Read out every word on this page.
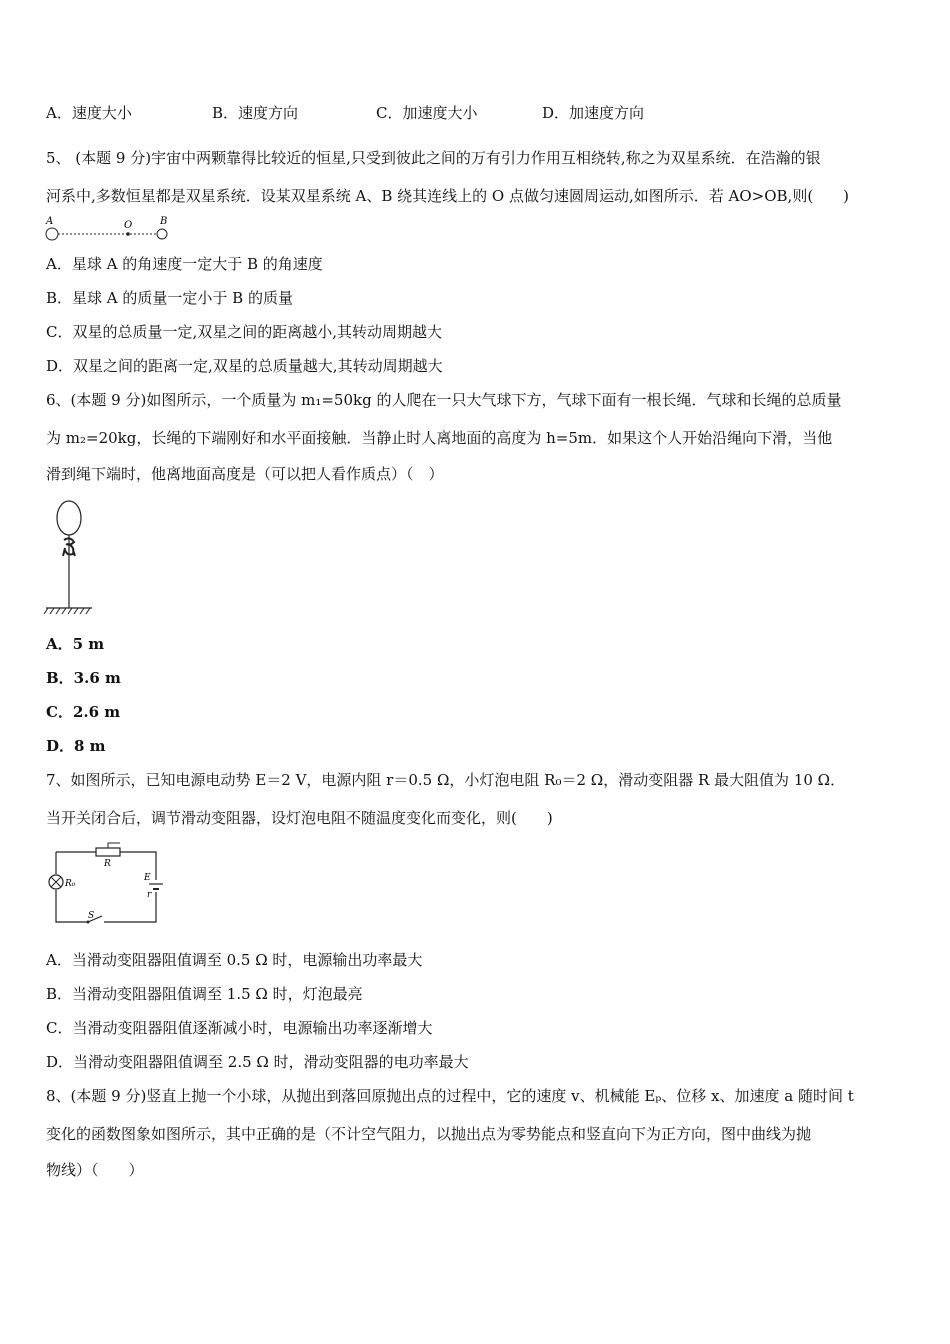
A．速度大小	B．速度方向	C．加速度大小	D．加速度方向
5、 (本题 9 分)宇宙中两颗靠得比较近的恒星,只受到彼此之间的万有引力作用互相绕转,称之为双星系统．在浩瀚的银
河系中,多数恒星都是双星系统．设某双星系统 A、B 绕其连线上的 O 点做匀速圆周运动,如图所示．若 AO>OB,则(　　)
A	O	B
A．星球 A 的角速度一定大于 B 的角速度
B．星球 A 的质量一定小于 B 的质量
C．双星的总质量一定,双星之间的距离越小,其转动周期越大
D．双星之间的距离一定,双星的总质量越大,其转动周期越大
6、(本题 9 分)如图所示，一个质量为 m₁=50kg 的人爬在一只大气球下方，气球下面有一根长绳．气球和长绳的总质量
为 m₂=20kg，长绳的下端刚好和水平面接触．当静止时人离地面的高度为 h=5m．如果这个人开始沿绳向下滑，当他
滑到绳下端时，他离地面高度是（可以把人看作质点）（　）
A．5 m
B．3.6 m
C．2.6 m
D．8 m
7、如图所示，已知电源电动势 E＝2 V，电源内阻 r＝0.5 Ω，小灯泡电阻 R₀＝2 Ω，滑动变阻器 R 最大阻值为 10 Ω．
当开关闭合后，调节滑动变阻器，设灯泡电阻不随温度变化而变化，则(　　)
R
R₀
E
r
S
A．当滑动变阻器阻值调至 0.5 Ω 时，电源输出功率最大
B．当滑动变阻器阻值调至 1.5 Ω 时，灯泡最亮
C．当滑动变阻器阻值逐渐减小时，电源输出功率逐渐增大
D．当滑动变阻器阻值调至 2.5 Ω 时，滑动变阻器的电功率最大
8、(本题 9 分)竖直上抛一个小球，从抛出到落回原抛出点的过程中，它的速度 v、机械能 Eₚ、位移 x、加速度 a 随时间 t
变化的函数图象如图所示，其中正确的是（不计空气阻力，以抛出点为零势能点和竖直向下为正方向，图中曲线为抛
物线）（　　）
